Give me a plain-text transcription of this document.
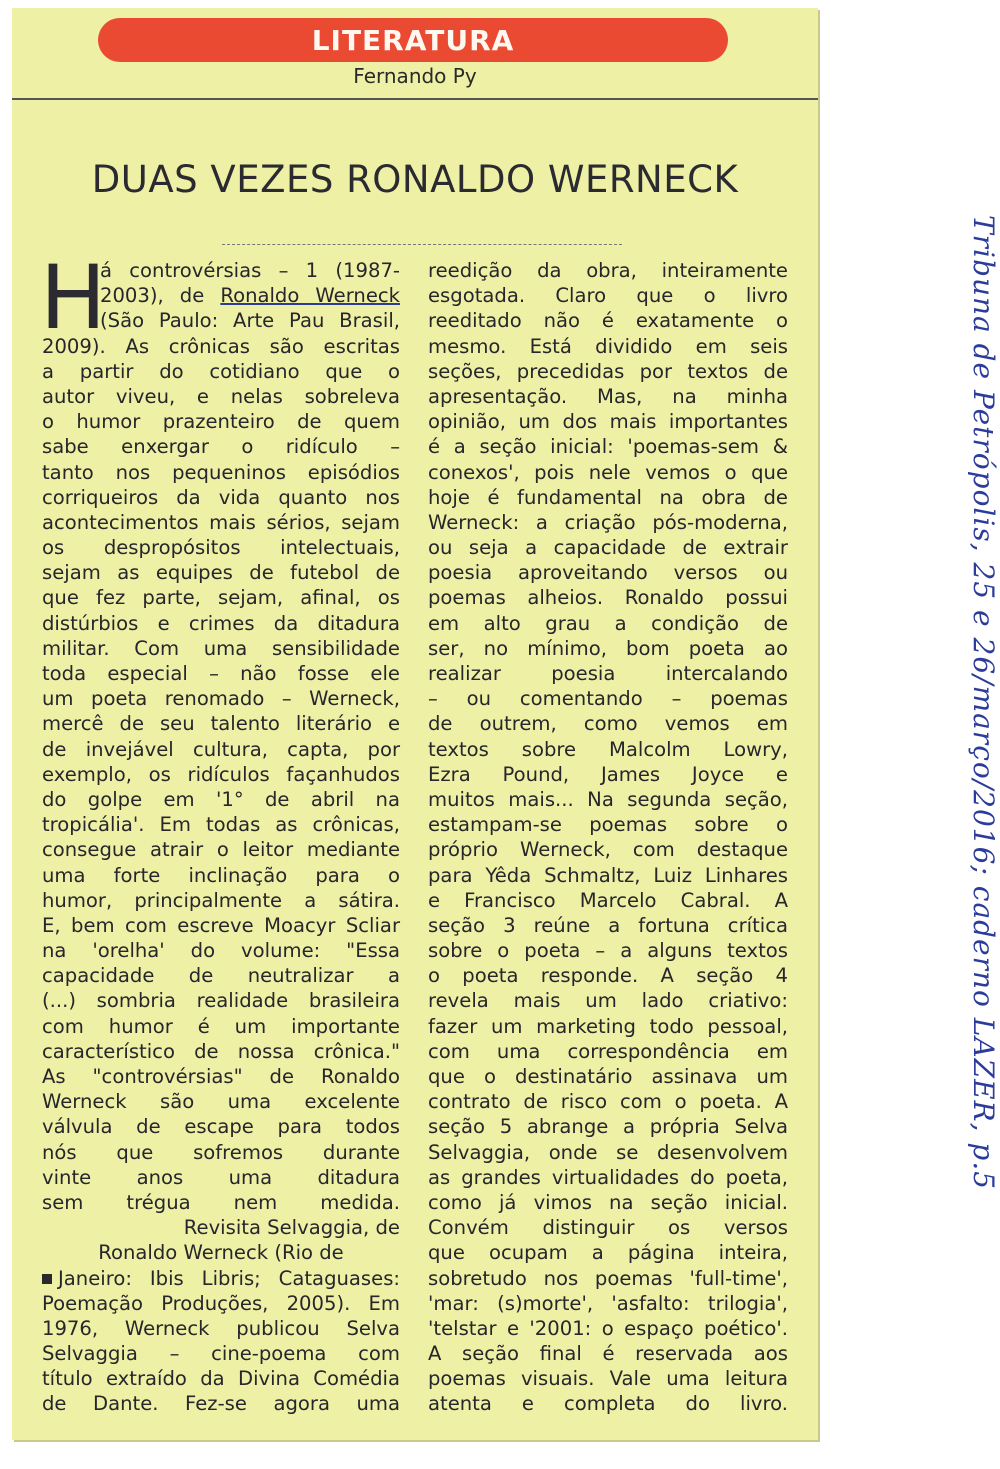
LITERATURA
Fernando Py
DUAS VEZES RONALDO WERNECK
H
á controvérsias – 1 (1987-
2003), de Ronaldo Werneck
(São Paulo: Arte Pau Brasil,
2009). As crônicas são escritas
a partir do cotidiano que o
autor viveu, e nelas sobreleva
o humor prazenteiro de quem
sabe enxergar o ridículo –
tanto nos pequeninos episódios
corriqueiros da vida quanto nos
acontecimentos mais sérios, sejam
os despropósitos intelectuais,
sejam as equipes de futebol de
que fez parte, sejam, afinal, os
distúrbios e crimes da ditadura
militar. Com uma sensibilidade
toda especial – não fosse ele
um poeta renomado – Werneck,
mercê de seu talento literário e
de invejável cultura, capta, por
exemplo, os ridículos façanhudos
do golpe em '1° de abril na
tropicália'. Em todas as crônicas,
consegue atrair o leitor mediante
uma forte inclinação para o
humor, principalmente a sátira.
E, bem com escreve Moacyr Scliar
na 'orelha' do volume: "Essa
capacidade de neutralizar a
(...) sombria realidade brasileira
com humor é um importante
característico de nossa crônica."
As "controvérsias" de Ronaldo
Werneck são uma excelente
válvula de escape para todos
nós que sofremos durante
vinte anos uma ditadura
sem trégua nem medida.
Revisita Selvaggia, de
Ronaldo Werneck (Rio de
Janeiro: Ibis Libris; Cataguases:
Poemação Produções, 2005). Em
1976, Werneck publicou Selva
Selvaggia – cine-poema com
título extraído da Divina Comédia
de Dante. Fez-se agora uma
reedição da obra, inteiramente
esgotada. Claro que o livro
reeditado não é exatamente o
mesmo. Está dividido em seis
seções, precedidas por textos de
apresentação. Mas, na minha
opinião, um dos mais importantes
é a seção inicial: 'poemas-sem &
conexos', pois nele vemos o que
hoje é fundamental na obra de
Werneck: a criação pós-moderna,
ou seja a capacidade de extrair
poesia aproveitando versos ou
poemas alheios. Ronaldo possui
em alto grau a condição de
ser, no mínimo, bom poeta ao
realizar poesia intercalando
– ou comentando – poemas
de outrem, como vemos em
textos sobre Malcolm Lowry,
Ezra Pound, James Joyce e
muitos mais... Na segunda seção,
estampam-se poemas sobre o
próprio Werneck, com destaque
para Yêda Schmaltz, Luiz Linhares
e Francisco Marcelo Cabral. A
seção 3 reúne a fortuna crítica
sobre o poeta – a alguns textos
o poeta responde. A seção 4
revela mais um lado criativo:
fazer um marketing todo pessoal,
com uma correspondência em
que o destinatário assinava um
contrato de risco com o poeta. A
seção 5 abrange a própria Selva
Selvaggia, onde se desenvolvem
as grandes virtualidades do poeta,
como já vimos na seção inicial.
Convém distinguir os versos
que ocupam a página inteira,
sobretudo nos poemas 'full-time',
'mar: (s)morte', 'asfalto: trilogia',
'telstar e '2001: o espaço poético'.
A seção final é reservada aos
poemas visuais. Vale uma leitura
atenta e completa do livro.
Tribuna de Petrópolis, 25 e 26/março/2016; caderno LAZER, p.5
